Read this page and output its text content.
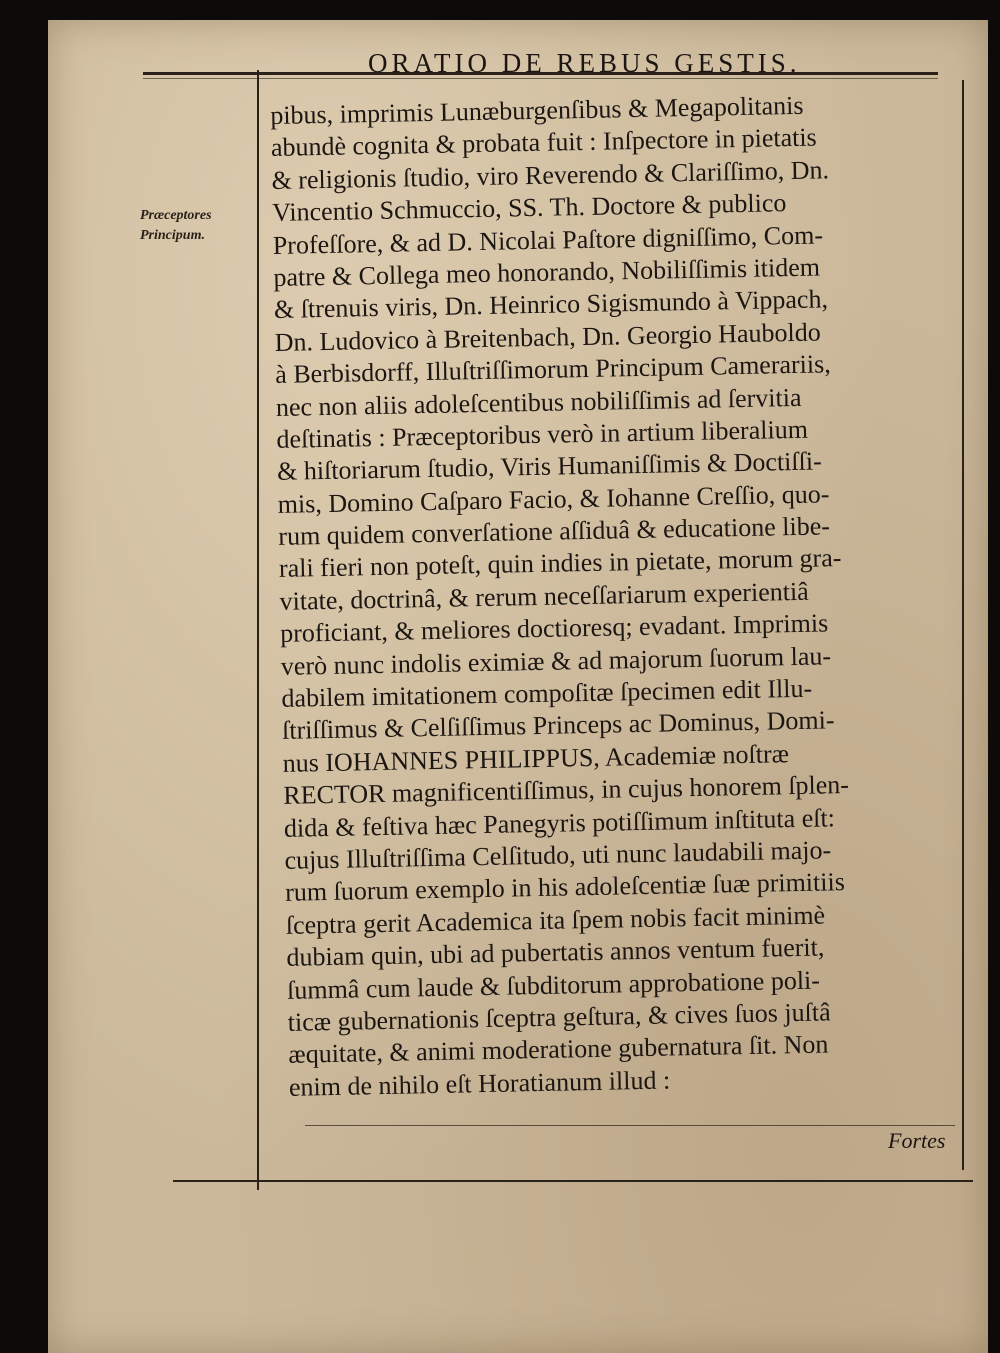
ORATIO DE REBUS GESTIS.
Præceptores
Principum.
pibus, imprimis Lunæburgenſibus & Megapolitanis
abundè cognita & probata fuit : Inſpectore in pietatis
& religionis ſtudio, viro Reverendo & Clariſſimo, Dn.
Vincentio Schmuccio, SS. Th. Doctore & publico
Profeſſore, & ad D. Nicolai Paſtore digniſſimo, Com-
patre & Collega meo honorando, Nobiliſſimis itidem
& ſtrenuis viris, Dn. Heinrico Sigismundo à Vippach,
Dn. Ludovico à Breitenbach, Dn. Georgio Hauboldo
à Berbisdorff, Illuſtriſſimorum Principum Camerariis,
nec non aliis adoleſcentibus nobiliſſimis ad ſervitia
deſtinatis : Præceptoribus verò in artium liberalium
& hiſtoriarum ſtudio, Viris Humaniſſimis & Doctiſſi-
mis, Domino Caſparo Facio, & Iohanne Creſſio, quo-
rum quidem converſatione aſſiduâ & educatione libe-
rali fieri non poteſt, quin indies in pietate, morum gra-
vitate, doctrinâ, & rerum neceſſariarum experientiâ
proficiant, & meliores doctioresq; evadant. Imprimis
verò nunc indolis eximiæ & ad majorum ſuorum lau-
dabilem imitationem compoſitæ ſpecimen edit Illu-
ſtriſſimus & Celſiſſimus Princeps ac Dominus, Domi-
nus IOHANNES PHILIPPUS, Academiæ noſtræ
RECTOR magnificentiſſimus, in cujus honorem ſplen-
dida & feſtiva hæc Panegyris potiſſimum inſtituta eſt:
cujus Illuſtriſſima Celſitudo, uti nunc laudabili majo-
rum ſuorum exemplo in his adoleſcentiæ ſuæ primitiis
ſceptra gerit Academica ita ſpem nobis facit minimè
dubiam quin, ubi ad pubertatis annos ventum fuerit,
ſummâ cum laude & ſubditorum approbatione poli-
ticæ gubernationis ſceptra geſtura, & cives ſuos juſtâ
æquitate, & animi moderatione gubernatura ſit. Non
enim de nihilo eſt Horatianum illud :
Fortes
